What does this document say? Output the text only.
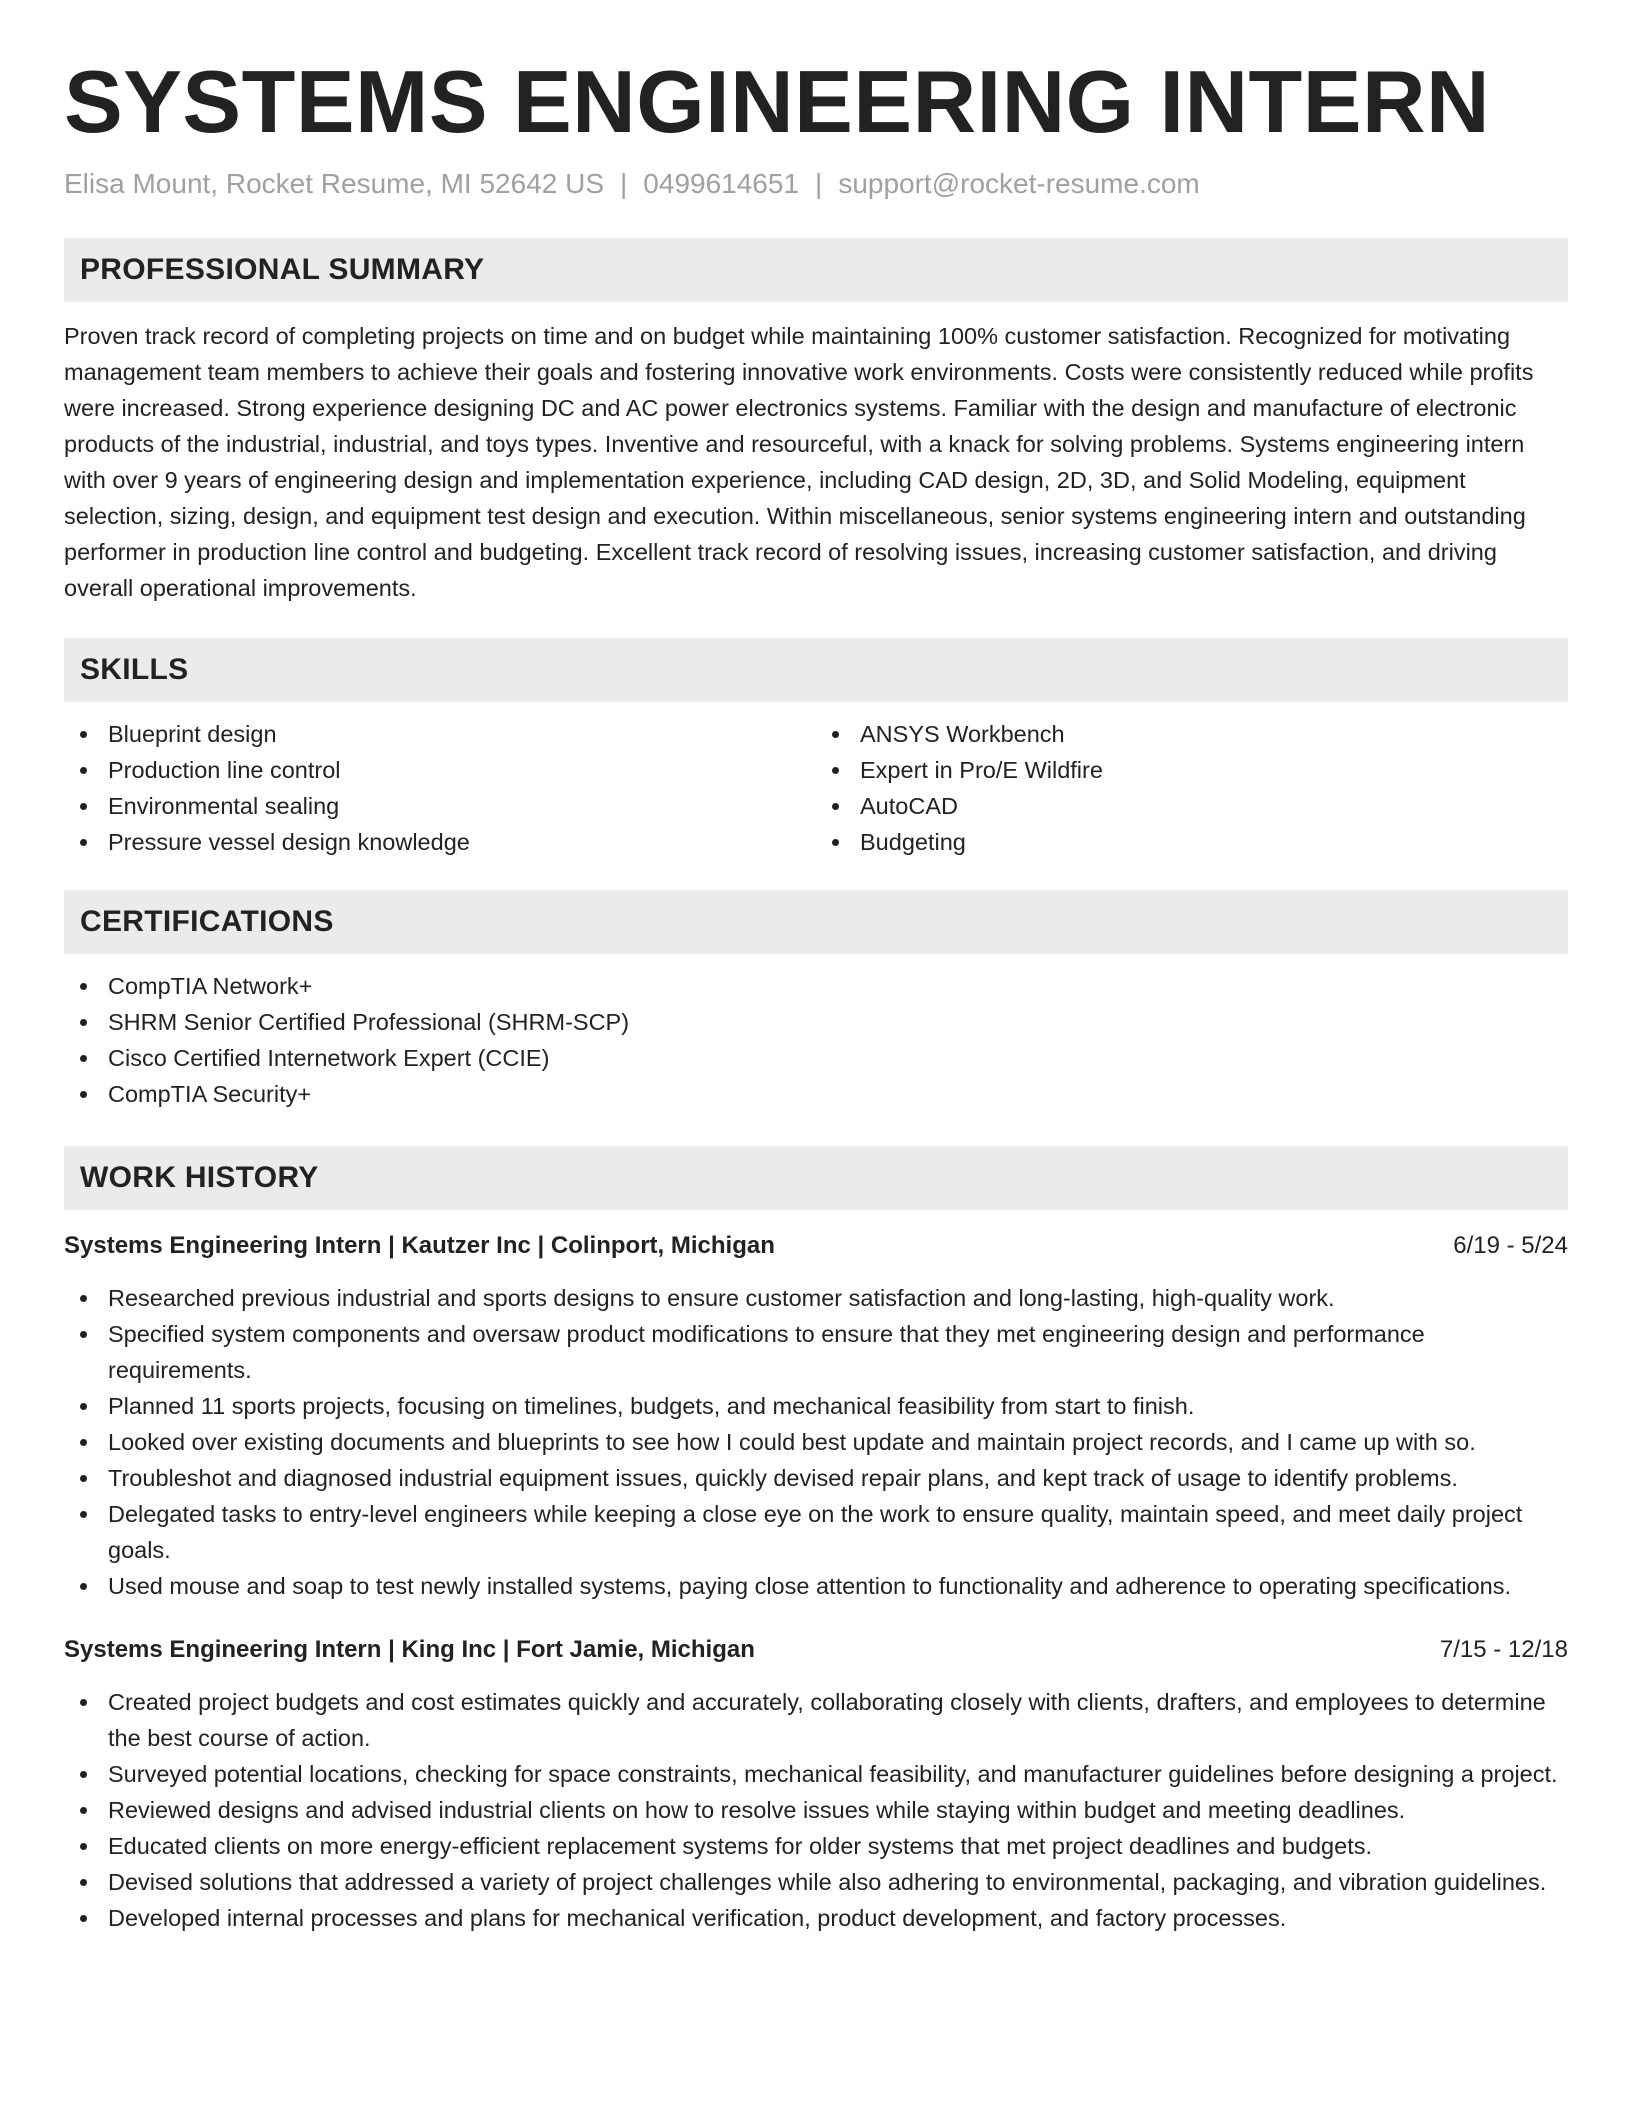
SYSTEMS ENGINEERING INTERN
Elisa Mount, Rocket Resume, MI 52642 US | 0499614651 | support@rocket-resume.com
PROFESSIONAL SUMMARY

Proven track record of completing projects on time and on budget while maintaining 100% customer satisfaction. Recognized for motivating management team members to achieve their goals and fostering innovative work environments. Costs were consistently reduced while profits were increased. Strong experience designing DC and AC power electronics systems. Familiar with the design and manufacture of electronic products of the industrial, industrial, and toys types. Inventive and resourceful, with a knack for solving problems. Systems engineering intern with over 9 years of engineering design and implementation experience, including CAD design, 2D, 3D, and Solid Modeling, equipment selection, sizing, design, and equipment test design and execution. Within miscellaneous, senior systems engineering intern and outstanding performer in production line control and budgeting. Excellent track record of resolving issues, increasing customer satisfaction, and driving overall operational improvements.

SKILLS
Blueprint design
Production line control
Environmental sealing
Pressure vessel design knowledge
ANSYS Workbench
Expert in Pro/E Wildfire
AutoCAD
Budgeting
CERTIFICATIONS
CompTIA Network+
SHRM Senior Certified Professional (SHRM-SCP)
Cisco Certified Internetwork Expert (CCIE)
CompTIA Security+
WORK HISTORY
Systems Engineering Intern | Kautzer Inc | Colinport, Michigan	6/19 - 5/24
Researched previous industrial and sports designs to ensure customer satisfaction and long-lasting, high-quality work.
Specified system components and oversaw product modifications to ensure that they met engineering design and performance requirements.
Planned 11 sports projects, focusing on timelines, budgets, and mechanical feasibility from start to finish.
Looked over existing documents and blueprints to see how I could best update and maintain project records, and I came up with so.
Troubleshot and diagnosed industrial equipment issues, quickly devised repair plans, and kept track of usage to identify problems.
Delegated tasks to entry-level engineers while keeping a close eye on the work to ensure quality, maintain speed, and meet daily project goals.
Used mouse and soap to test newly installed systems, paying close attention to functionality and adherence to operating specifications.
Systems Engineering Intern | King Inc | Fort Jamie, Michigan	7/15 - 12/18
Created project budgets and cost estimates quickly and accurately, collaborating closely with clients, drafters, and employees to determine the best course of action.
Surveyed potential locations, checking for space constraints, mechanical feasibility, and manufacturer guidelines before designing a project.
Reviewed designs and advised industrial clients on how to resolve issues while staying within budget and meeting deadlines.
Educated clients on more energy-efficient replacement systems for older systems that met project deadlines and budgets.
Devised solutions that addressed a variety of project challenges while also adhering to environmental, packaging, and vibration guidelines.
Developed internal processes and plans for mechanical verification, product development, and factory processes.
